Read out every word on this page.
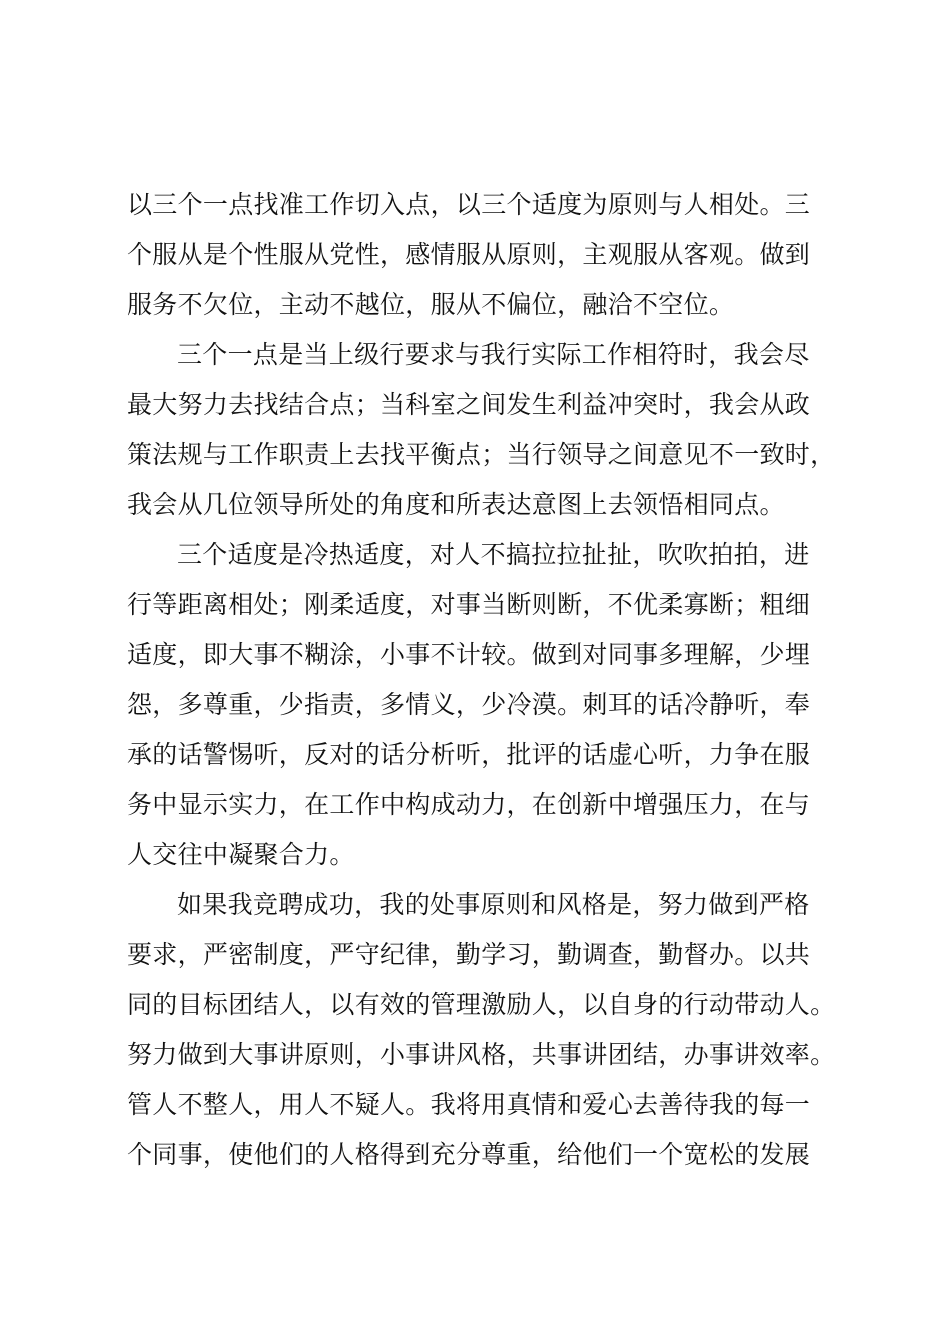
以三个一点找准工作切入点，以三个适度为原则与人相处。三
个服从是个性服从党性，感情服从原则，主观服从客观。做到
服务不欠位，主动不越位，服从不偏位，融洽不空位。
三个一点是当上级行要求与我行实际工作相符时，我会尽
最大努力去找结合点；当科室之间发生利益冲突时，我会从政
策法规与工作职责上去找平衡点；当行领导之间意见不一致时，
我会从几位领导所处的角度和所表达意图上去领悟相同点。
三个适度是冷热适度，对人不搞拉拉扯扯，吹吹拍拍，进
行等距离相处；刚柔适度，对事当断则断，不优柔寡断；粗细
适度，即大事不糊涂，小事不计较。做到对同事多理解，少埋
怨，多尊重，少指责，多情义，少冷漠。刺耳的话冷静听，奉
承的话警惕听，反对的话分析听，批评的话虚心听，力争在服
务中显示实力，在工作中构成动力，在创新中增强压力，在与
人交往中凝聚合力。
如果我竞聘成功，我的处事原则和风格是，努力做到严格
要求，严密制度，严守纪律，勤学习，勤调查，勤督办。以共
同的目标团结人，以有效的管理激励人，以自身的行动带动人。
努力做到大事讲原则，小事讲风格，共事讲团结，办事讲效率。
管人不整人，用人不疑人。我将用真情和爱心去善待我的每一
个同事，使他们的人格得到充分尊重，给他们一个宽松的发展
